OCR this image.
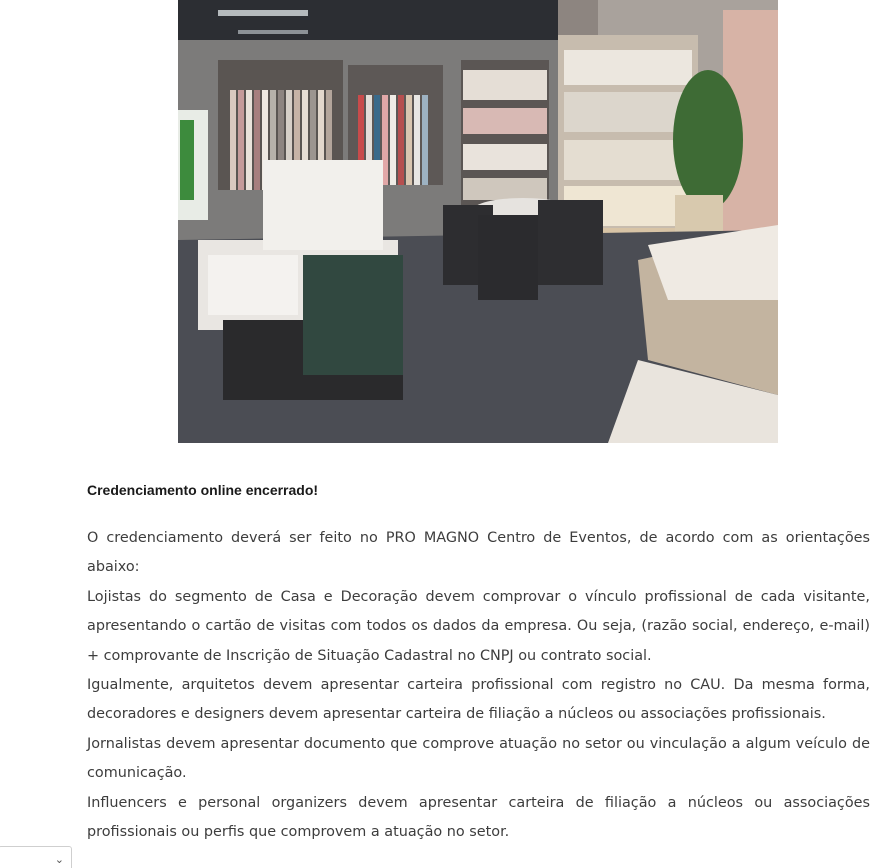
Credenciamento online encerrado!

O credenciamento deverá ser feito no PRO MAGNO Centro de Eventos, de acordo com as orientações abaixo:

Lojistas do segmento de Casa e Decoração devem comprovar o vínculo profissional de cada visitante, apresentando o cartão de visitas com todos os dados da empresa. Ou seja, (razão social, endereço, e-mail) + comprovante de Inscrição de Situação Cadastral no CNPJ ou contrato social.

Igualmente, arquitetos devem apresentar carteira profissional com registro no CAU. Da mesma forma, decoradores e designers devem apresentar carteira de filiação a núcleos ou associações profissionais.

Jornalistas devem apresentar documento que comprove atuação no setor ou vinculação a algum veículo de comunicação.

Influencers e personal organizers devem apresentar carteira de filiação a núcleos ou associações profissionais ou perfis que comprovem a atuação no setor.

⌄
